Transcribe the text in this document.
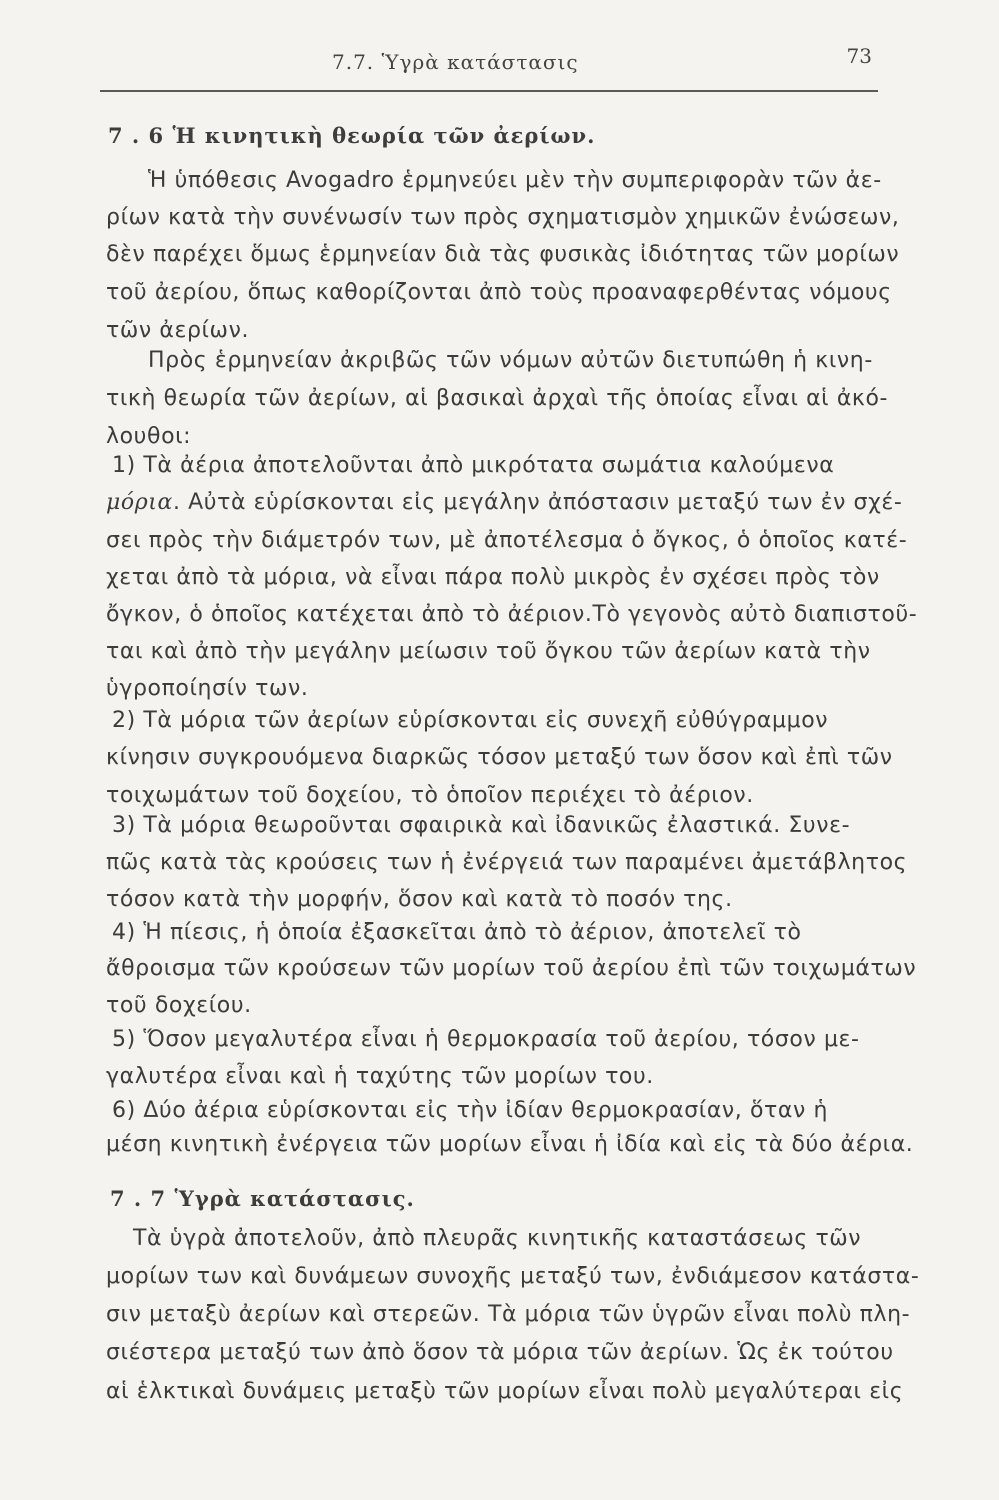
7.7. Ὑγρὰ κατάστασις	73
7 . 6 Ἡ κινητικὴ θεωρία τῶν ἀερίων.
Ἡ ὑπόθεσις Avogadro ἑρμηνεύει μὲν τὴν συμπεριφορὰν τῶν ἀε-
ρίων κατὰ τὴν συνένωσίν των πρὸς σχηματισμὸν χημικῶν ἐνώσεων,
δὲν παρέχει ὅμως ἑρμηνείαν διὰ τὰς φυσικὰς ἰδιότητας τῶν μορίων
τοῦ ἀερίου, ὅπως καθορίζονται ἀπὸ τοὺς προαναφερθέντας νόμους
τῶν ἀερίων.
Πρὸς ἑρμηνείαν ἀκριβῶς τῶν νόμων αὐτῶν διετυπώθη ἡ κινη-
τικὴ θεωρία τῶν ἀερίων, αἱ βασικαὶ ἀρχαὶ τῆς ὁποίας εἶναι αἱ ἀκό-
λουθοι:
1) Τὰ ἀέρια ἀποτελοῦνται ἀπὸ μικρότατα σωμάτια καλούμενα
μόρια. Αὐτὰ εὑρίσκονται εἰς μεγάλην ἀπόστασιν μεταξύ των ἐν σχέ-
σει πρὸς τὴν διάμετρόν των, μὲ ἀποτέλεσμα ὁ ὄγκος, ὁ ὁποῖος κατέ-
χεται ἀπὸ τὰ μόρια, νὰ εἶναι πάρα πολὺ μικρὸς ἐν σχέσει πρὸς τὸν
ὄγκον, ὁ ὁποῖος κατέχεται ἀπὸ τὸ ἀέριον.Τὸ γεγονὸς αὐτὸ διαπιστοῦ-
ται καὶ ἀπὸ τὴν μεγάλην μείωσιν τοῦ ὄγκου τῶν ἀερίων κατὰ τὴν
ὑγροποίησίν των.
2) Τὰ μόρια τῶν ἀερίων εὑρίσκονται εἰς συνεχῆ εὐθύγραμμον
κίνησιν συγκρουόμενα διαρκῶς τόσον μεταξύ των ὅσον καὶ ἐπὶ τῶν
τοιχωμάτων τοῦ δοχείου, τὸ ὁποῖον περιέχει τὸ ἀέριον.
3) Τὰ μόρια θεωροῦνται σφαιρικὰ καὶ ἰδανικῶς ἐλαστικά. Συνε-
πῶς κατὰ τὰς κρούσεις των ἡ ἐνέργειά των παραμένει ἀμετάβλητος
τόσον κατὰ τὴν μορφήν, ὅσον καὶ κατὰ τὸ ποσόν της.
4) Ἡ πίεσις, ἡ ὁποία ἐξασκεῖται ἀπὸ τὸ ἀέριον, ἀποτελεῖ τὸ
ἄθροισμα τῶν κρούσεων τῶν μορίων τοῦ ἀερίου ἐπὶ τῶν τοιχωμάτων
τοῦ δοχείου.
5) Ὅσον μεγαλυτέρα εἶναι ἡ θερμοκρασία τοῦ ἀερίου, τόσον με-
γαλυτέρα εἶναι καὶ ἡ ταχύτης τῶν μορίων του.
6) Δύο ἀέρια εὑρίσκονται εἰς τὴν ἰδίαν θερμοκρασίαν, ὅταν ἡ
μέση κινητικὴ ἐνέργεια τῶν μορίων εἶναι ἡ ἰδία καὶ εἰς τὰ δύο ἀέρια.
7 . 7 Ὑγρὰ κατάστασις.
Τὰ ὑγρὰ ἀποτελοῦν, ἀπὸ πλευρᾶς κινητικῆς καταστάσεως τῶν
μορίων των καὶ δυνάμεων συνοχῆς μεταξύ των, ἐνδιάμεσον κατάστα-
σιν μεταξὺ ἀερίων καὶ στερεῶν. Τὰ μόρια τῶν ὑγρῶν εἶναι πολὺ πλη-
σιέστερα μεταξύ των ἀπὸ ὅσον τὰ μόρια τῶν ἀερίων. Ὡς ἐκ τούτου
αἱ ἑλκτικαὶ δυνάμεις μεταξὺ τῶν μορίων εἶναι πολὺ μεγαλύτεραι εἰς
